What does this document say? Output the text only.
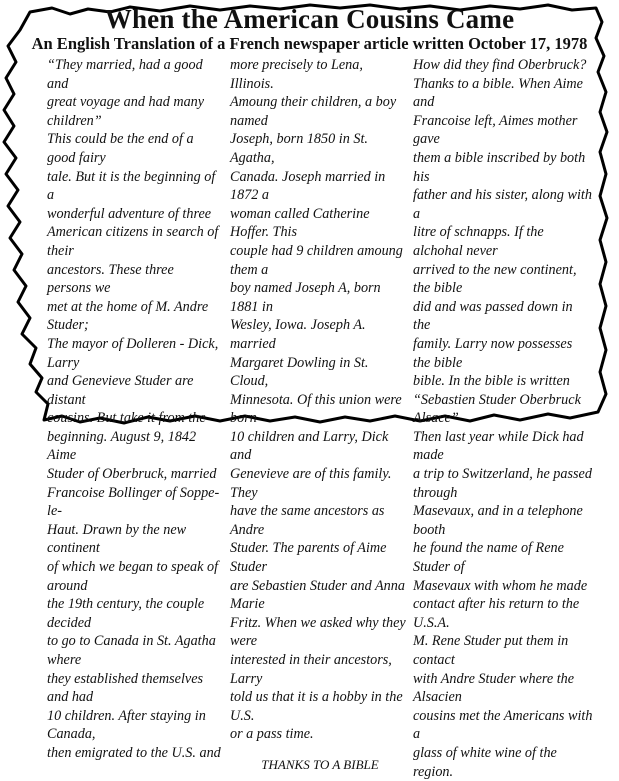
When the American Cousins Came
An English Translation of a French newspaper article written October 17, 1978

“They married, had a good and
great voyage and had many children”
This could be the end of a good fairy
tale. But it is the beginning of a
wonderful adventure of three
American citizens in search of their
ancestors. These three persons we
met at the home of M. Andre Studer;
The mayor of Dolleren - Dick, Larry
and Genevieve Studer are distant
cousins. But take it from the
beginning. August 9, 1842 Aime
Studer of Oberbruck, married
Francoise Bollinger of Soppe-le-
Haut. Drawn by the new continent
of which we began to speak of around
the 19th century, the couple decided
to go to Canada in St. Agatha where
they established themselves and had
10 children. After staying in Canada,
then emigrated to the U.S. and

more precisely to Lena, Illinois.
Amoung their children, a boy named
Joseph, born 1850 in St. Agatha,
Canada. Joseph married in 1872 a
woman called Catherine Hoffer. This
couple had 9 children amoung them a
boy named Joseph A, born 1881 in
Wesley, Iowa. Joseph A. married
Margaret Dowling in St. Cloud,
Minnesota. Of this union were born
10 children and Larry, Dick and
Genevieve are of this family. They
have the same ancestors as Andre
Studer. The parents of Aime Studer
are Sebastien Studer and Anna Marie
Fritz. When we asked why they were
interested in their ancestors, Larry
told us that it is a hobby in the U.S.
or a pass time.

THANKS TO A BIBLE

How did they find Oberbruck?
Thanks to a bible. When Aime and
Francoise left, Aimes mother gave
them a bible inscribed by both his
father and his sister, along with a
litre of schnapps. If the alchohal never
arrived to the new continent, the bible
did and was passed down in the
family. Larry now possesses the bible
bible. In the bible is written
“Sebastien Studer Oberbruck Alsace”
Then last year while Dick had made
a trip to Switzerland, he passed through
Masevaux, and in a telephone booth
he found the name of Rene Studer of
Masevaux with whom he made
contact after his return to the U.S.A.
M. Rene Studer put them in contact
with Andre Studer where the Alsacien
cousins met the Americans with a
glass of white wine of the region.
